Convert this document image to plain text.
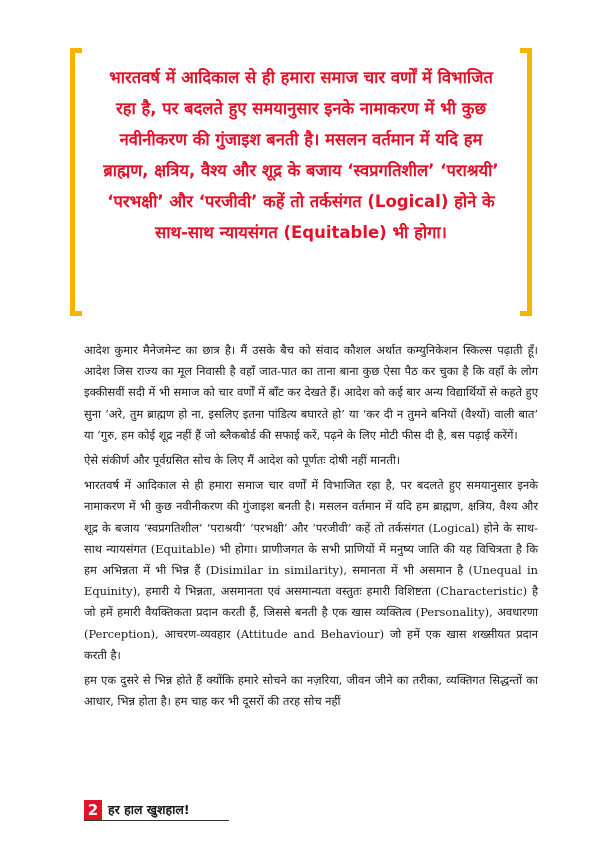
भारतवर्ष में आदिकाल से ही हमारा समाज चार वर्णों में विभाजित रहा है, पर बदलते हुए समयानुसार इनके नामाकरण में भी कुछ नवीनीकरण की गुंजाइश बनती है। मसलन वर्तमान में यदि हम ब्राह्मण, क्षत्रिय, वैश्य और शूद्र के बजाय ‘स्वप्रगतिशील’ ‘पराश्रयी’ ‘परभक्षी’ और ‘परजीवी’ कहें तो तर्कसंगत (Logical) होने के साथ-साथ न्यायसंगत (Equitable) भी होगा।

आदेश कुमार मैनेजमेन्ट का छात्र है। मैं उसके बैच को संवाद कौशल अर्थात कम्युनिकेशन स्किल्स पढ़ाती हूँ। आदेश जिस राज्य का मूल निवासी है वहाँ जात-पात का ताना बाना कुछ ऐसा पैठ कर चुका है कि वहाँ के लोग इक्कीसवीं सदी में भी समाज को चार वर्णों में बाँट कर देखते हैं। आदेश को कई बार अन्य विद्यार्थियों से कहते हुए सुना ‘अरे, तुम ब्राह्मण हो ना, इसलिए इतना पांडित्य बघारते हो’ या ‘कर दी न तुमने बनियों (वैश्यों) वाली बात’ या ‘गुरु, हम कोई शूद्र नहीं हैं जो ब्लैकबोर्ड की सफाई करें, पढ़ने के लिए मोटी फीस दी है, बस पढ़ाई करेंगें।

ऐसे संकीर्ण और पूर्वग्रसित सोच के लिए मैं आदेश को पूर्णतः दोषी नहीं मानती।

भारतवर्ष में आदिकाल से ही हमारा समाज चार वर्णों में विभाजित रहा है, पर बदलते हुए समयानुसार इनके नामाकरण में भी कुछ नवीनीकरण की गुंजाइश बनती है। मसलन वर्तमान में यदि हम ब्राह्मण, क्षत्रिय, वैश्य और शूद्र के बजाय ‘स्वप्रगतिशील’ ‘पराश्रयी’ ‘परभक्षी’ और ‘परजीवी’ कहें तो तर्कसंगत (Logical) होने के साथ-साथ न्यायसंगत (Equitable) भी होगा। प्राणीजगत के सभी प्राणियों में मनुष्य जाति की यह विचित्रता है कि हम अभिन्नता में भी भिन्न हैं (Disimilar in similarity), समानता में भी असमान है (Unequal in Equinity), हमारी ये भिन्नता, असमानता एवं असमान्यता वस्तुतः हमारी विशिष्टता (Characteristic) है जो हमें हमारी वैयक्तिकता प्रदान करती हैं, जिससे बनती है एक खास व्यक्तित्व (Personality), अवधारणा (Perception), आचरण-व्यवहार (Attitude and Behaviour) जो हमें एक खास शख्सीयत प्रदान करती है।

हम एक दुसरे से भिन्न होते हैं क्योंकि हमारे सोचने का नज़रिया, जीवन जीने का तरीका, व्यक्तिगत सिद्धन्तों का आधार, भिन्न होता है। हम चाह कर भी दूसरों की तरह सोच नहीं

2 हर हाल खुशहाल!
